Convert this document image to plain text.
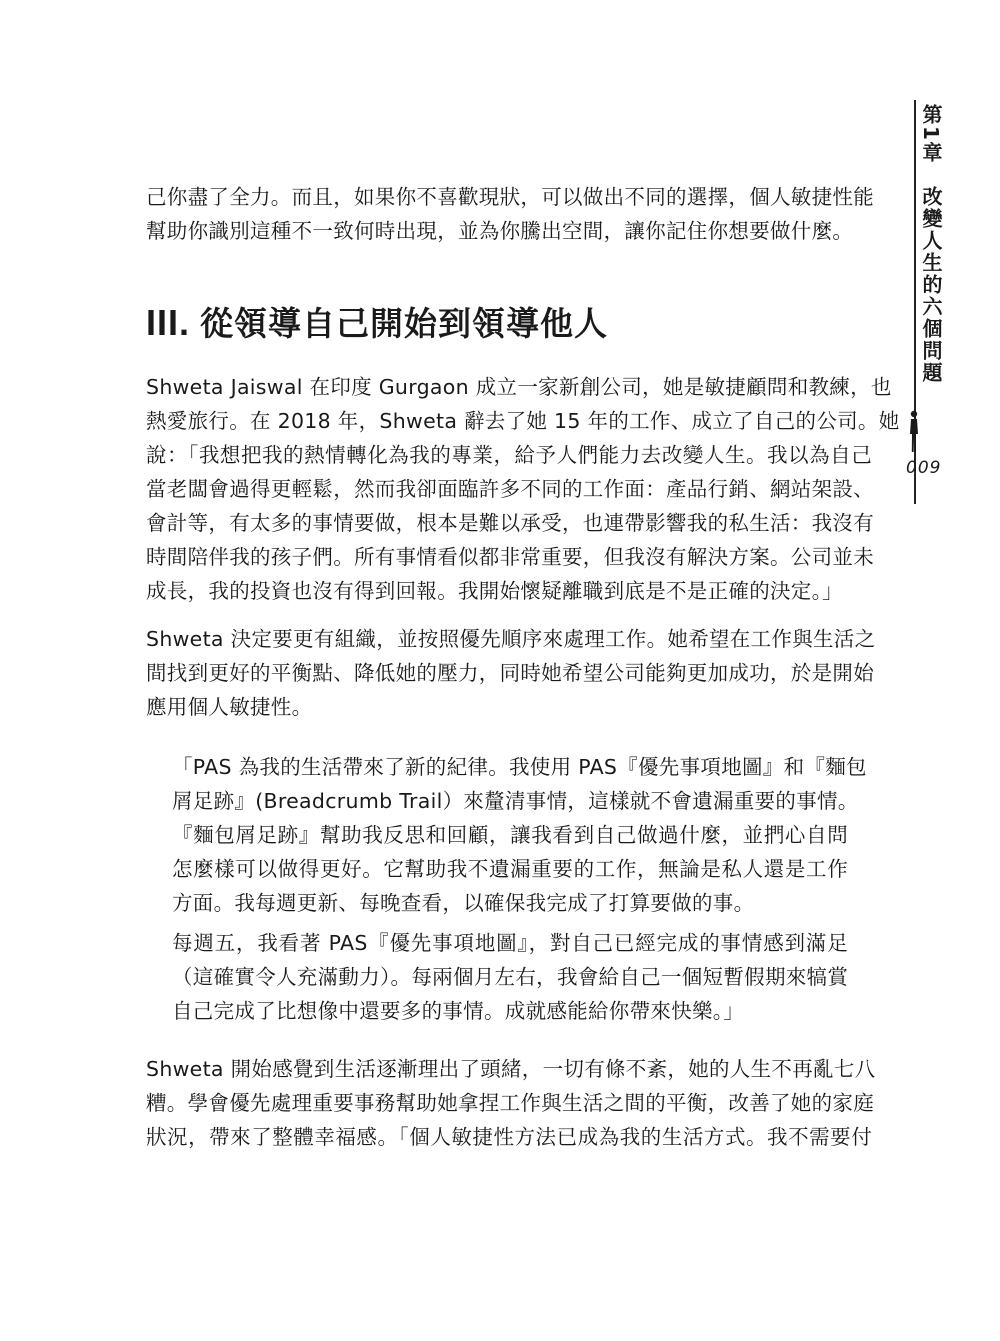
己你盡了全力。而且，如果你不喜歡現狀，可以做出不同的選擇，個人敏捷性能
幫助你識別這種不一致何時出現，並為你騰出空間，讓你記住你想要做什麼。

III. 從領導自己開始到領導他人

Shweta Jaiswal 在印度 Gurgaon 成立一家新創公司，她是敏捷顧問和教練，也
熱愛旅行。在 2018 年，Shweta 辭去了她 15 年的工作、成立了自己的公司。她
說：「我想把我的熱情轉化為我的專業，給予人們能力去改變人生。我以為自己
當老闆會過得更輕鬆，然而我卻面臨許多不同的工作面：產品行銷、網站架設、
會計等，有太多的事情要做，根本是難以承受，也連帶影響我的私生活：我沒有
時間陪伴我的孩子們。所有事情看似都非常重要，但我沒有解決方案。公司並未
成長，我的投資也沒有得到回報。我開始懷疑離職到底是不是正確的決定。」

Shweta 決定要更有組織，並按照優先順序來處理工作。她希望在工作與生活之
間找到更好的平衡點、降低她的壓力，同時她希望公司能夠更加成功，於是開始
應用個人敏捷性。

「PAS 為我的生活帶來了新的紀律。我使用 PAS『優先事項地圖』和『麵包
屑足跡』(Breadcrumb Trail）來釐清事情，這樣就不會遺漏重要的事情。
『麵包屑足跡』幫助我反思和回顧，讓我看到自己做過什麼，並捫心自問
怎麼樣可以做得更好。它幫助我不遺漏重要的工作，無論是私人還是工作
方面。我每週更新、每晚查看，以確保我完成了打算要做的事。

每週五，我看著 PAS『優先事項地圖』，對自己已經完成的事情感到滿足
（這確實令人充滿動力）。每兩個月左右，我會給自己一個短暫假期來犒賞
自己完成了比想像中還要多的事情。成就感能給你帶來快樂。」

Shweta 開始感覺到生活逐漸理出了頭緒，一切有條不紊，她的人生不再亂七八
糟。學會優先處理重要事務幫助她拿捏工作與生活之間的平衡，改善了她的家庭
狀況，帶來了整體幸福感。「個人敏捷性方法已成為我的生活方式。我不需要付

第1章　改變人生的六個問題

009
